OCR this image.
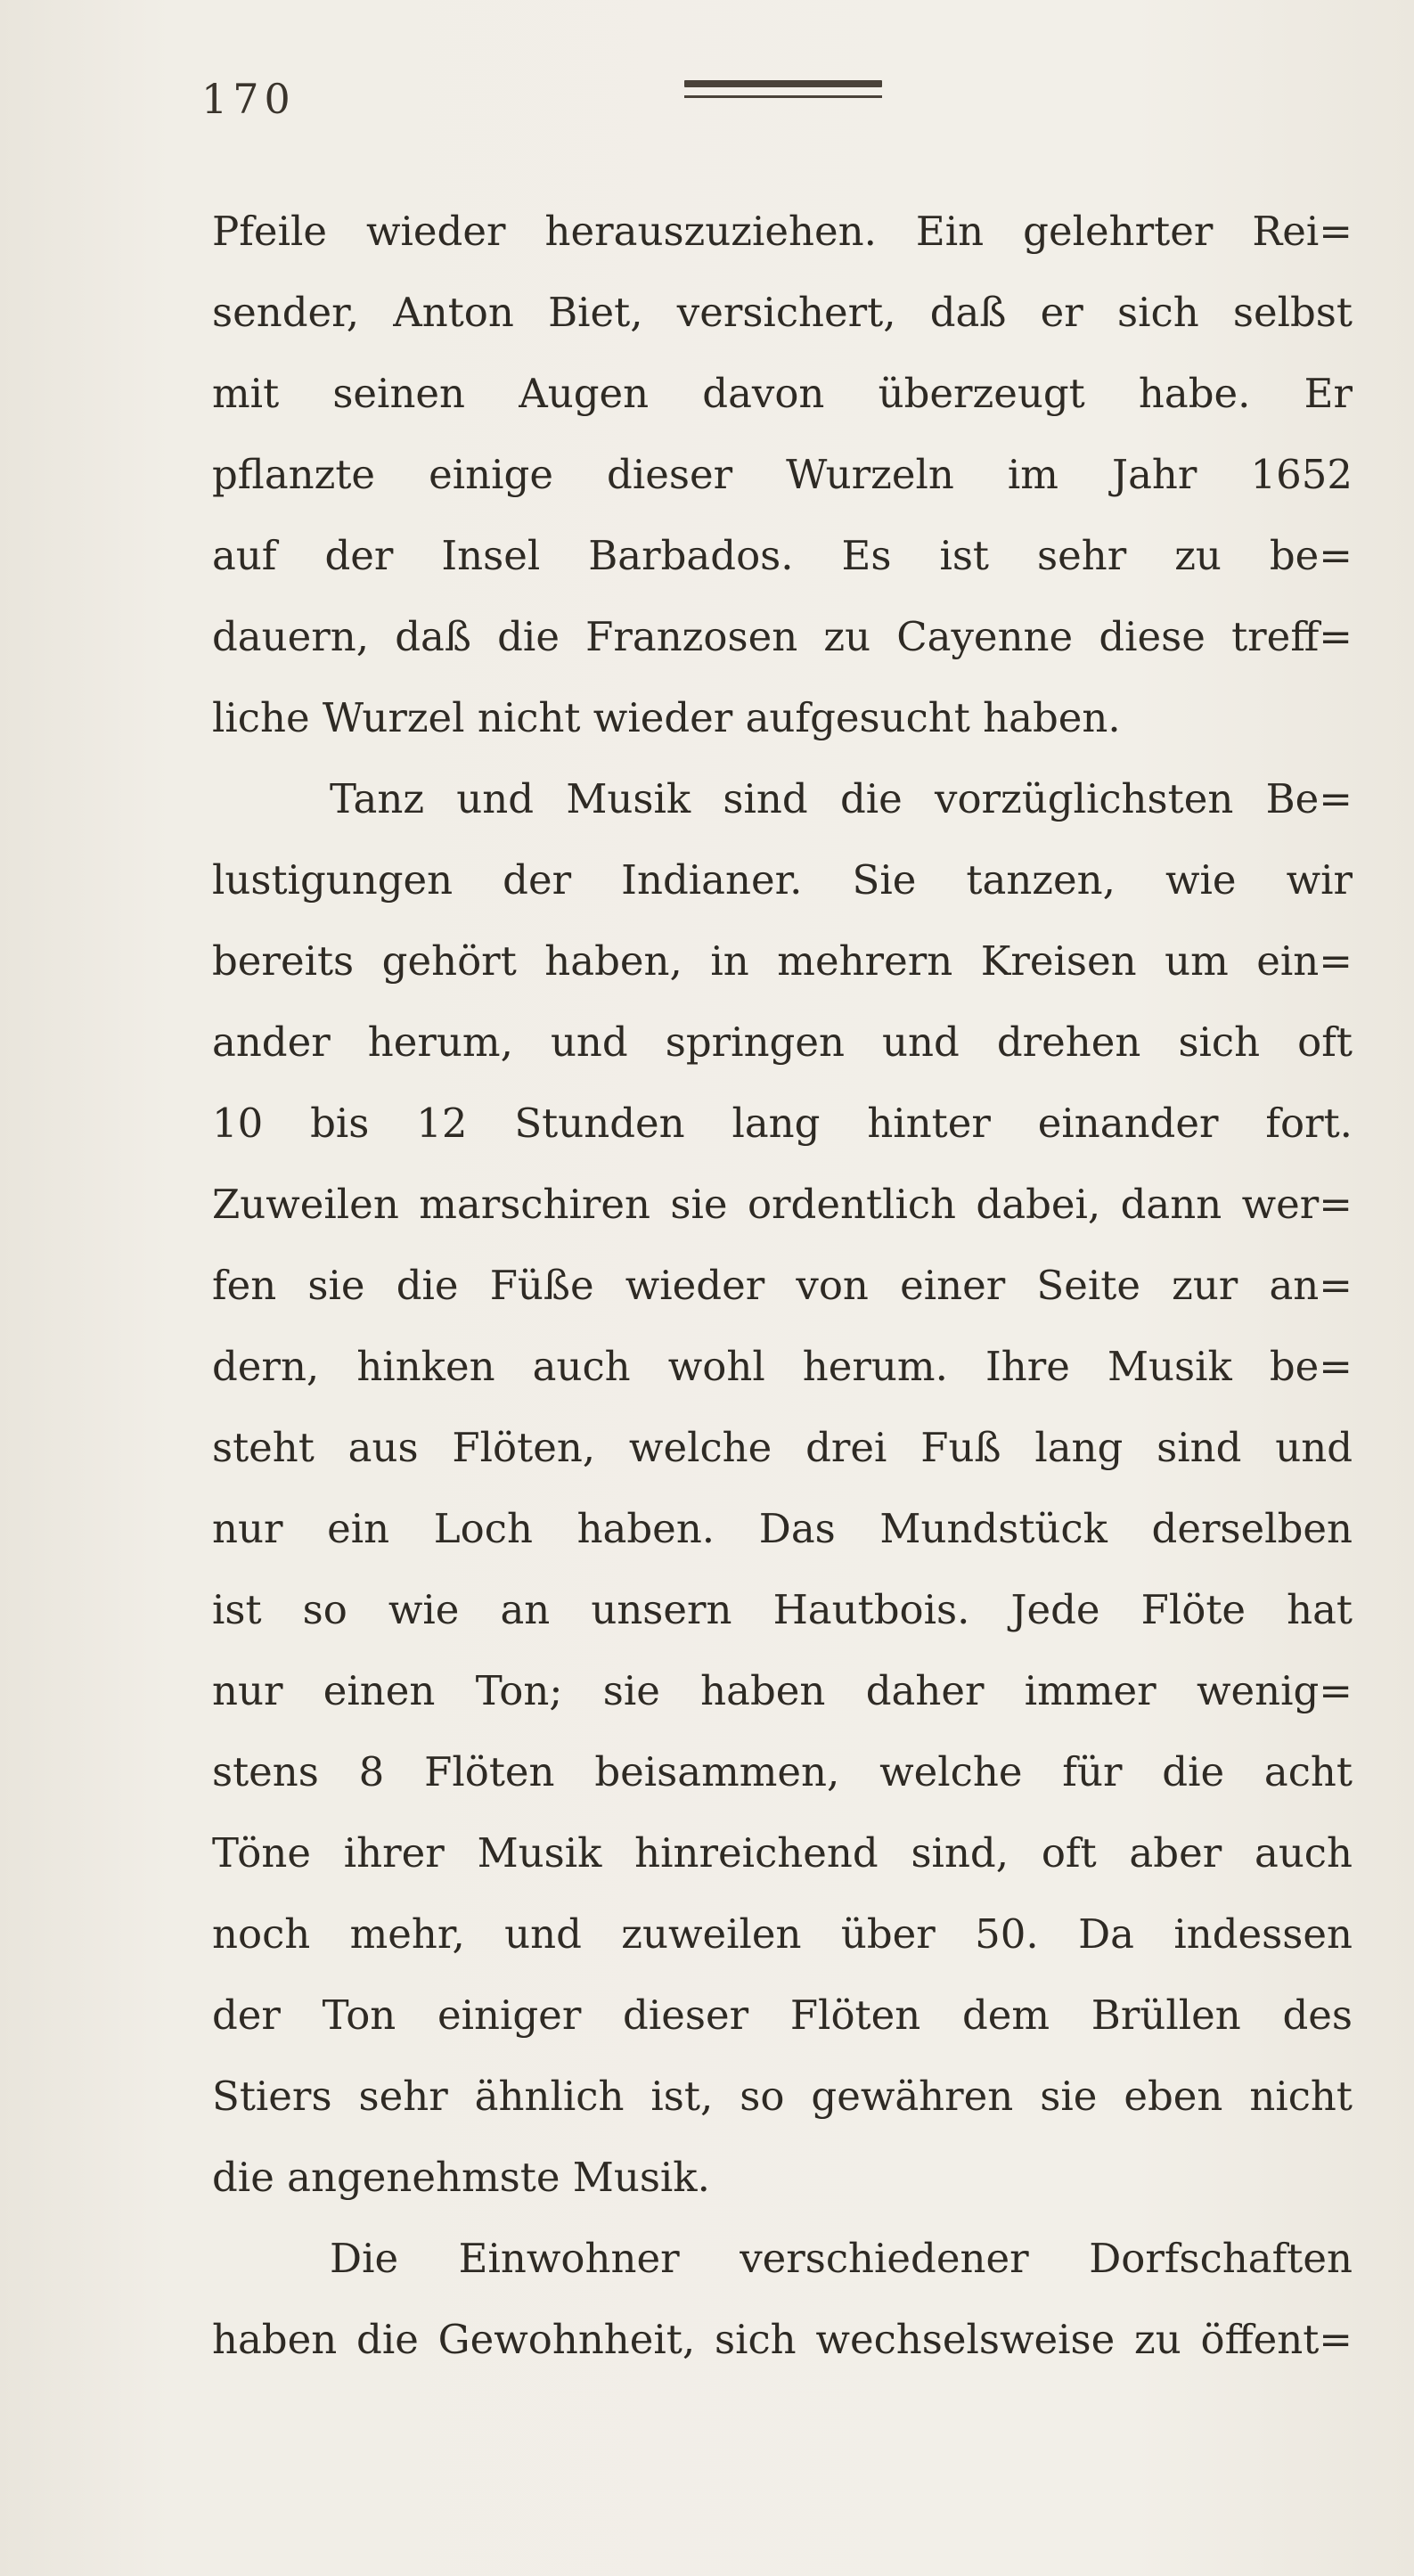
170
Pfeile wieder herauszuziehen. Ein gelehrter Rei=
sender, Anton Biet, versichert, daß er sich selbst
mit seinen Augen davon überzeugt habe. Er
pflanzte einige dieser Wurzeln im Jahr 1652
auf der Insel Barbados. Es ist sehr zu be=
dauern, daß die Franzosen zu Cayenne diese treff=
liche Wurzel nicht wieder aufgesucht haben.
Tanz und Musik sind die vorzüglichsten Be=
lustigungen der Indianer. Sie tanzen, wie wir
bereits gehört haben, in mehrern Kreisen um ein=
ander herum, und springen und drehen sich oft
10 bis 12 Stunden lang hinter einander fort.
Zuweilen marschiren sie ordentlich dabei, dann wer=
fen sie die Füße wieder von einer Seite zur an=
dern, hinken auch wohl herum. Ihre Musik be=
steht aus Flöten, welche drei Fuß lang sind und
nur ein Loch haben. Das Mundstück derselben
ist so wie an unsern Hautbois. Jede Flöte hat
nur einen Ton; sie haben daher immer wenig=
stens 8 Flöten beisammen, welche für die acht
Töne ihrer Musik hinreichend sind, oft aber auch
noch mehr, und zuweilen über 50. Da indessen
der Ton einiger dieser Flöten dem Brüllen des
Stiers sehr ähnlich ist, so gewähren sie eben nicht
die angenehmste Musik.
Die Einwohner verschiedener Dorfschaften
haben die Gewohnheit, sich wechselsweise zu öffent=
